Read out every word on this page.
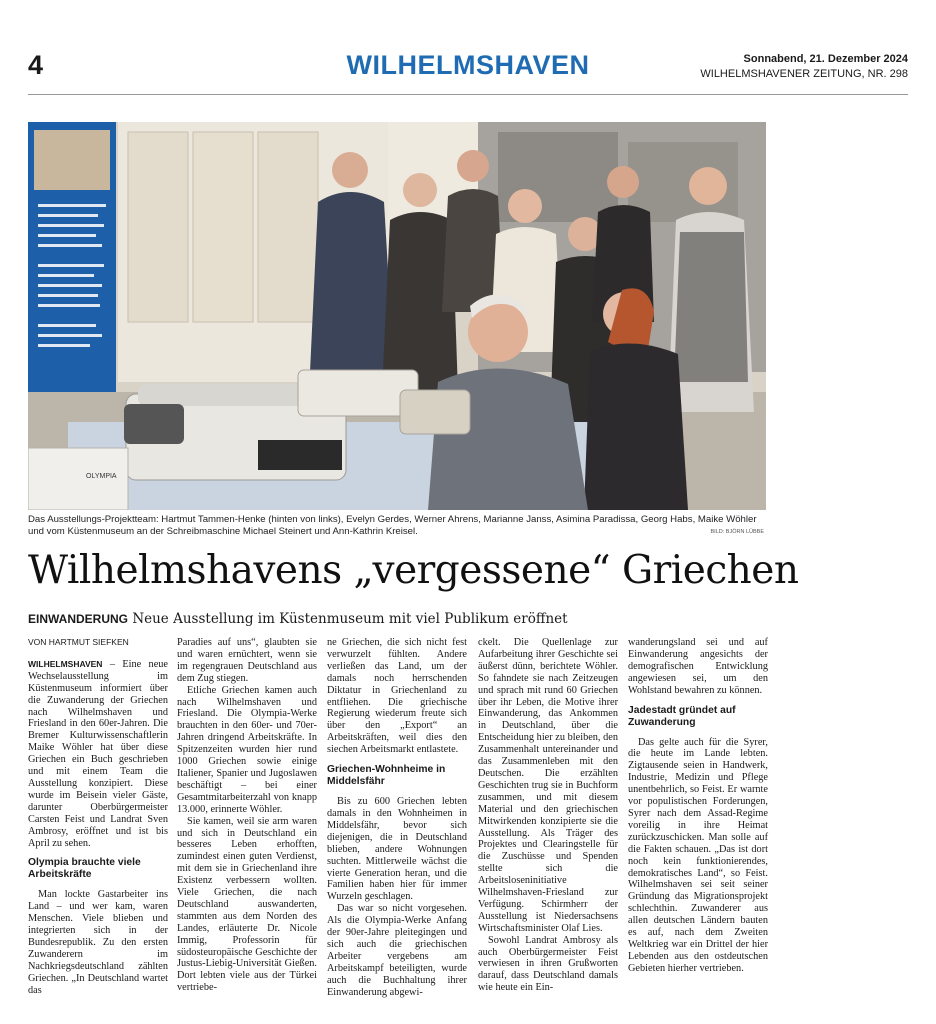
4	WILHELMSHAVEN	Sonnabend, 21. Dezember 2024
WILHELMSHAVENER ZEITUNG, NR. 298
OLYMPIA
Das Ausstellungs-Projektteam: Hartmut Tammen-Henke (hinten von links), Evelyn Gerdes, Werner Ahrens, Marianne Janss, Asimina Paradissa, Georg Habs, Maike Wöhler und vom Küstenmuseum an der Schreibmaschine Michael Steinert und Ann-Kathrin Kreisel.	BILD: BJÖRN LÜBBE
Wilhelmshavens „vergessene“ Griechen
EINWANDERUNG Neue Ausstellung im Küstenmuseum mit viel Publikum eröffnet
VON HARTMUT SIEFKEN

WILHELMSHAVEN – Eine neue Wechselausstellung im Küstenmuseum informiert über die Zuwanderung der Griechen nach Wilhelmshaven und Friesland in den 60er-Jahren. Die Bremer Kulturwissenschaftlerin Maike Wöhler hat über diese Griechen ein Buch geschrieben und mit einem Team die Ausstellung konzipiert. Diese wurde im Beisein vieler Gäste, darunter Oberbürgermeister Carsten Feist und Landrat Sven Ambrosy, eröffnet und ist bis April zu sehen.

Olympia brauchte viele Arbeitskräfte

Man lockte Gastarbeiter ins Land – und wer kam, waren Menschen. Viele blieben und integrierten sich in der Bundesrepublik. Zu den ersten Zuwanderern im Nachkriegsdeutschland zählten Griechen. „In Deutschland wartet das

Paradies auf uns“, glaubten sie und waren ernüchtert, wenn sie im regengrauen Deutschland aus dem Zug stiegen.

Etliche Griechen kamen auch nach Wilhelmshaven und Friesland. Die Olympia-Werke brauchten in den 60er- und 70er-Jahren dringend Arbeitskräfte. In Spitzenzeiten wurden hier rund 1000 Griechen sowie einige Italiener, Spanier und Jugoslawen beschäftigt – bei einer Gesamtmitarbeiterzahl von knapp 13.000, erinnerte Wöhler.

Sie kamen, weil sie arm waren und sich in Deutschland ein besseres Leben erhofften, zumindest einen guten Verdienst, mit dem sie in Griechenland ihre Existenz verbessern wollten. Viele Griechen, die nach Deutschland auswanderten, stammten aus dem Norden des Landes, erläuterte Dr. Nicole Immig, Professorin für südosteuropäische Geschichte der Justus-Liebig-Universität Gießen. Dort lebten viele aus der Türkei vertriebe-

ne Griechen, die sich nicht fest verwurzelt fühlten. Andere verließen das Land, um der damals noch herrschenden Diktatur in Griechenland zu entfliehen. Die griechische Regierung wiederum freute sich über den „Export“ an Arbeitskräften, weil dies den siechen Arbeitsmarkt entlastete.

Griechen-Wohnheime in Middelsfähr

Bis zu 600 Griechen lebten damals in den Wohnheimen in Middelsfähr, bevor sich diejenigen, die in Deutschland blieben, andere Wohnungen suchten. Mittlerweile wächst die vierte Generation heran, und die Familien haben hier für immer Wurzeln geschlagen.

Das war so nicht vorgesehen. Als die Olympia-Werke Anfang der 90er-Jahre pleitegingen und sich auch die griechischen Arbeiter vergebens am Arbeitskampf beteiligten, wurde auch die Buchhaltung ihrer Einwanderung abgewi-

ckelt. Die Quellenlage zur Aufarbeitung ihrer Geschichte sei äußerst dünn, berichtete Wöhler. So fahndete sie nach Zeitzeugen und sprach mit rund 60 Griechen über ihr Leben, die Motive ihrer Einwanderung, das Ankommen in Deutschland, über die Entscheidung hier zu bleiben, den Zusammenhalt untereinander und das Zusammenleben mit den Deutschen. Die erzählten Geschichten trug sie in Buchform zusammen, und mit diesem Material und den griechischen Mitwirkenden konzipierte sie die Ausstellung. Als Träger des Projektes und Clearingstelle für die Zuschüsse und Spenden stellte sich die Arbeitsloseninitiative Wilhelmshaven-Friesland zur Verfügung. Schirmherr der Ausstellung ist Niedersachsens Wirtschaftsminister Olaf Lies.

Sowohl Landrat Ambrosy als auch Oberbürgermeister Feist verwiesen in ihren Grußworten darauf, dass Deutschland damals wie heute ein Ein-

wanderungsland sei und auf Einwanderung angesichts der demografischen Entwicklung angewiesen sei, um den Wohlstand bewahren zu können.

Jadestadt gründet auf Zuwanderung

Das gelte auch für die Syrer, die heute im Lande lebten. Zigtausende seien in Handwerk, Industrie, Medizin und Pflege unentbehrlich, so Feist. Er warnte vor populistischen Forderungen, Syrer nach dem Assad-Regime voreilig in ihre Heimat zurückzuschicken. Man solle auf die Fakten schauen. „Das ist dort noch kein funktionierendes, demokratisches Land“, so Feist. Wilhelmshaven sei seit seiner Gründung das Migrationsprojekt schlechthin. Zuwanderer aus allen deutschen Ländern bauten es auf, nach dem Zweiten Weltkrieg war ein Drittel der hier Lebenden aus den ostdeutschen Gebieten hierher vertrieben.
